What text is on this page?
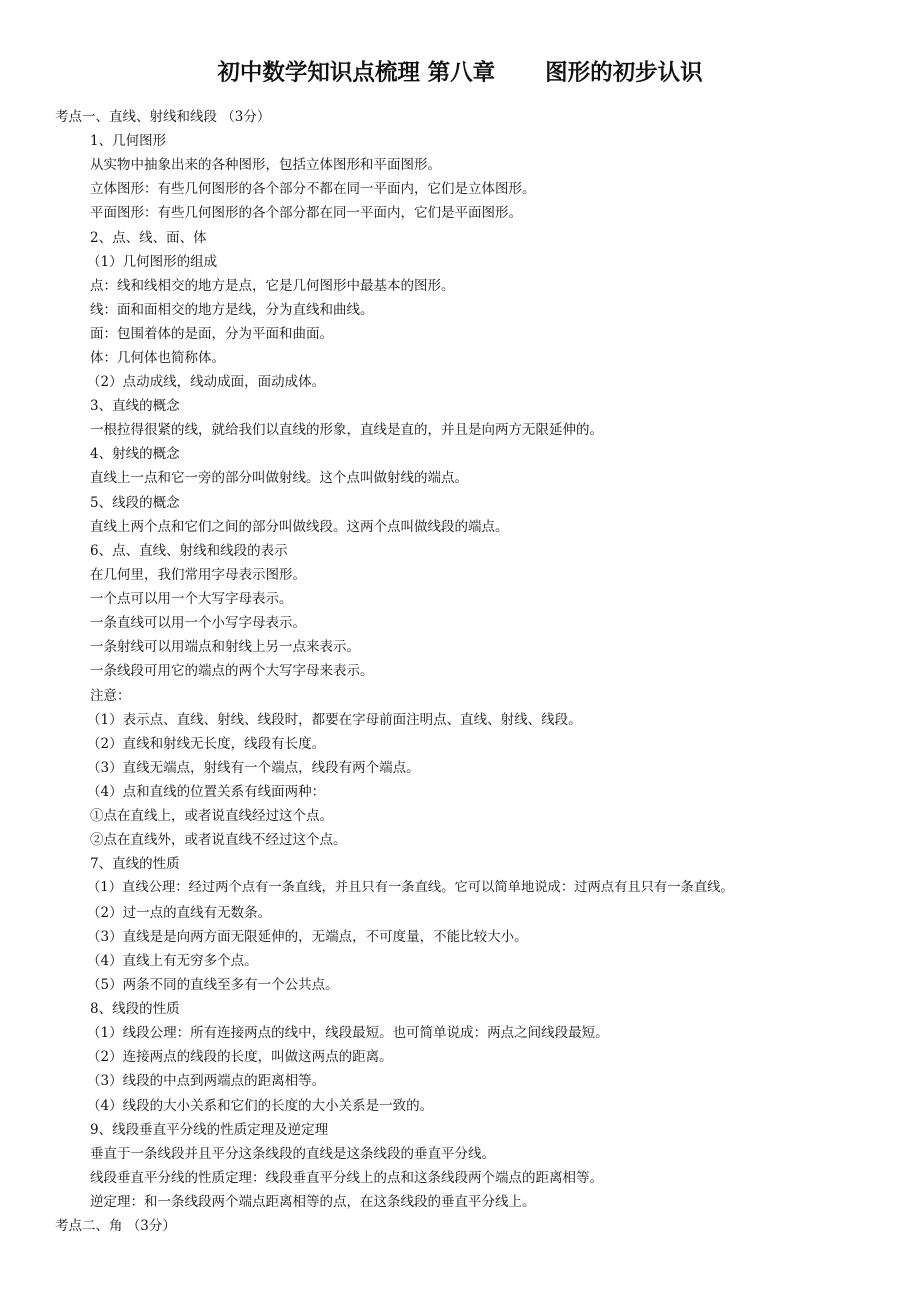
初中数学知识点梳理 第八章 图形的初步认识
考点一、直线、射线和线段 （3分）
1、几何图形
从实物中抽象出来的各种图形，包括立体图形和平面图形。
立体图形：有些几何图形的各个部分不都在同一平面内，它们是立体图形。
平面图形：有些几何图形的各个部分都在同一平面内，它们是平面图形。
2、点、线、面、体
（1）几何图形的组成
点：线和线相交的地方是点，它是几何图形中最基本的图形。
线：面和面相交的地方是线，分为直线和曲线。
面：包围着体的是面，分为平面和曲面。
体：几何体也简称体。
（2）点动成线，线动成面，面动成体。
3、直线的概念
一根拉得很紧的线，就给我们以直线的形象，直线是直的，并且是向两方无限延伸的。
4、射线的概念
直线上一点和它一旁的部分叫做射线。这个点叫做射线的端点。
5、线段的概念
直线上两个点和它们之间的部分叫做线段。这两个点叫做线段的端点。
6、点、直线、射线和线段的表示
在几何里，我们常用字母表示图形。
一个点可以用一个大写字母表示。
一条直线可以用一个小写字母表示。
一条射线可以用端点和射线上另一点来表示。
一条线段可用它的端点的两个大写字母来表示。
注意：
（1）表示点、直线、射线、线段时，都要在字母前面注明点、直线、射线、线段。
（2）直线和射线无长度，线段有长度。
（3）直线无端点，射线有一个端点，线段有两个端点。
（4）点和直线的位置关系有线面两种：
①点在直线上，或者说直线经过这个点。
②点在直线外，或者说直线不经过这个点。
7、直线的性质
（1）直线公理：经过两个点有一条直线，并且只有一条直线。它可以简单地说成：过两点有且只有一条直线。
（2）过一点的直线有无数条。
（3）直线是是向两方面无限延伸的，无端点，不可度量，不能比较大小。
（4）直线上有无穷多个点。
（5）两条不同的直线至多有一个公共点。
8、线段的性质
（1）线段公理：所有连接两点的线中，线段最短。也可简单说成：两点之间线段最短。
（2）连接两点的线段的长度，叫做这两点的距离。
（3）线段的中点到两端点的距离相等。
（4）线段的大小关系和它们的长度的大小关系是一致的。
9、线段垂直平分线的性质定理及逆定理
垂直于一条线段并且平分这条线段的直线是这条线段的垂直平分线。
线段垂直平分线的性质定理：线段垂直平分线上的点和这条线段两个端点的距离相等。
逆定理：和一条线段两个端点距离相等的点，在这条线段的垂直平分线上。
考点二、角 （3分）
